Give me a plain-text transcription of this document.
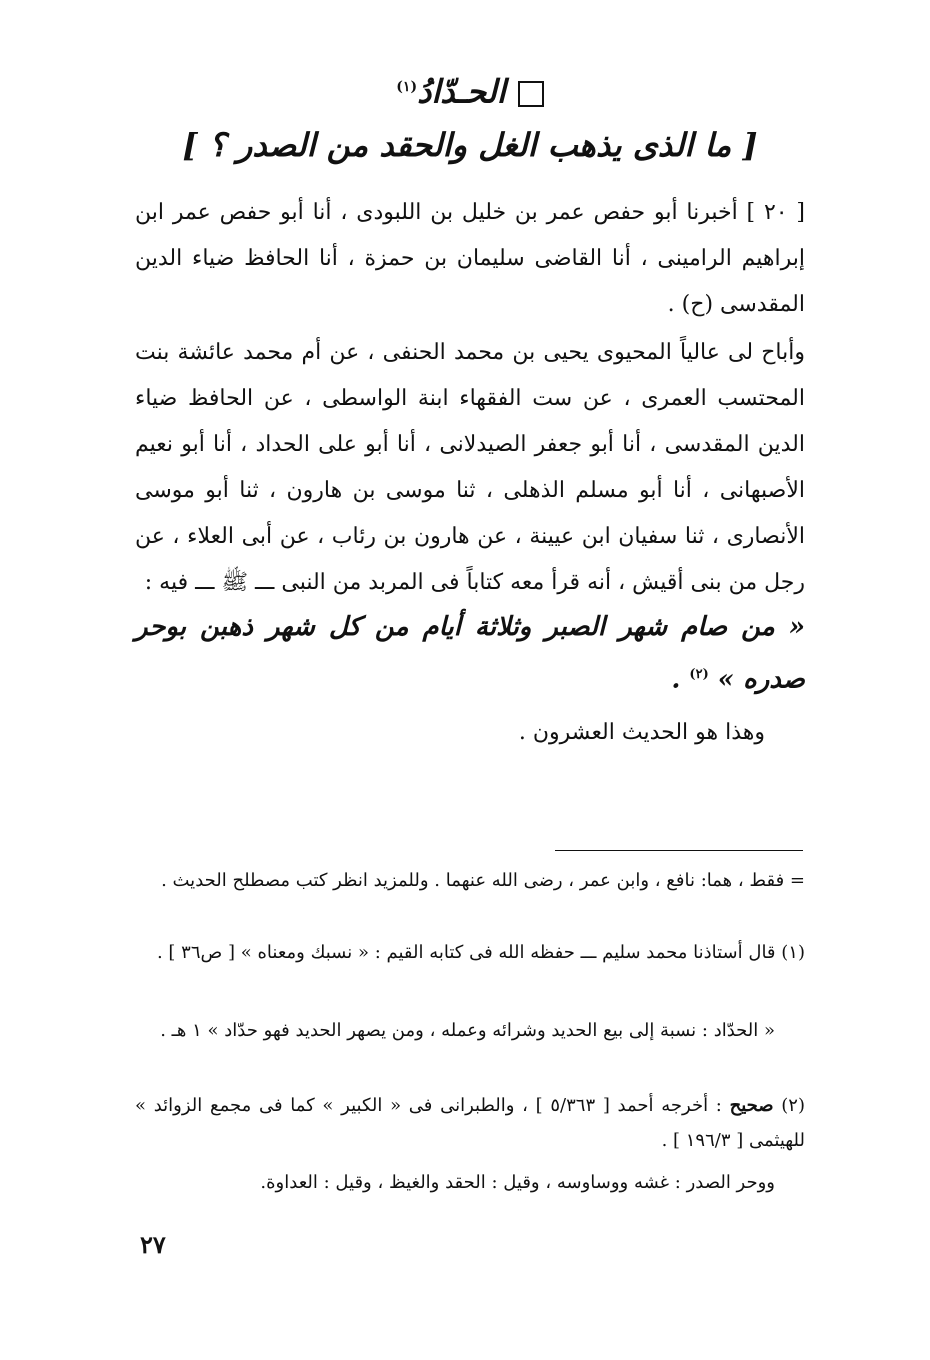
الحـدّادُ$^{(١)}$
[ ما الذى يذهب الغل والحقد من الصدر ؟ ]
[ ٢٠ ] أخبرنا أبو حفص عمر بن خليل بن اللبودى ، أنا أبو حفص عمر ابن إبراهيم الرامينى ، أنا القاضى سليمان بن حمزة ، أنا الحافظ ضياء الدين المقدسى (ح) .
وأباح لى عالياً المحيوى يحيى بن محمد الحنفى ، عن أم محمد عائشة بنت المحتسب العمرى ، عن ست الفقهاء ابنة الواسطى ، عن الحافظ ضياء الدين المقدسى ، أنا أبو جعفر الصيدلانى ، أنا أبو على الحداد ، أنا أبو نعيم الأصبهانى ، أنا أبو مسلم الذهلى ، ثنا موسى بن هارون ، ثنا أبو موسى الأنصارى ، ثنا سفيان ابن عيينة ، عن هارون بن رئاب ، عن أبى العلاء ، عن رجل من بنى أقيش ، أنه قرأ معه كتاباً فى المربد من النبى ـــ ﷺ ـــ فيه :
« من صام شهر الصبر وثلاثة أيام من كل شهر ذهبن بوحر صدره » $^{(٢)}$ .
وهذا هو الحديث العشرون .
= فقط ، هما: نافع ، وابن عمر ، رضى الله عنهما . وللمزيد انظر كتب مصطلح الحديث .
(١) قال أستاذنا محمد سليم ـــ حفظه الله فى كتابه القيم : « نسبك ومعناه » [ ص٣٦ ] .
« الحدّاد : نسبة إلى بيع الحديد وشرائه وعمله ، ومن يصهر الحديد فهو حدّاد » ١ هـ .
(٢) صحيح : أخرجه أحمد [ ٥/٣٦٣ ] ، والطبرانى فى « الكبير » كما فى مجمع الزوائد » للهيثمى [ ١٩٦/٣ ] .
ووحر الصدر : غشه ووساوسه ، وقيل : الحقد والغيظ ، وقيل : العداوة.
٢٧
